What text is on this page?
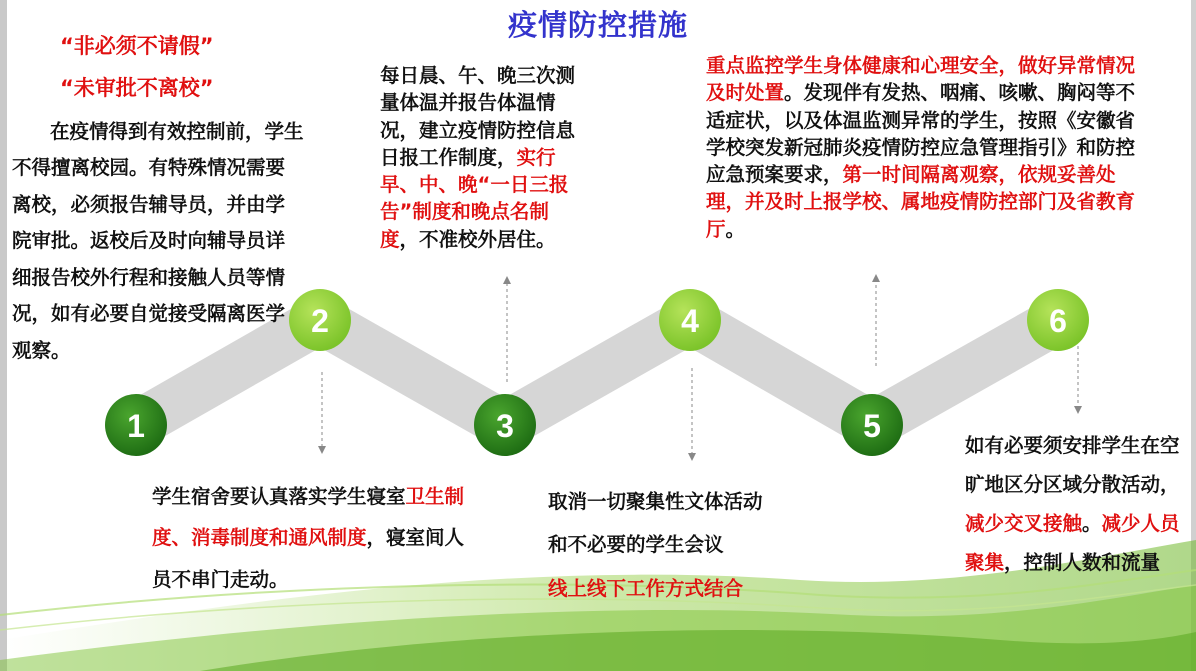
1
2
3
4
5
6
疫情防控措施
“非必须不请假”
“未审批不离校”
在疫情得到有效控制前，学生不得擅离校园。有特殊情况需要离校，必须报告辅导员，并由学院审批。返校后及时向辅导员详细报告校外行程和接触人员等情况，如有必要自觉接受隔离医学观察。
学生宿舍要认真落实学生寝室卫生制度、消毒制度和通风制度，寝室间人员不串门走动。
每日晨、午、晚三次测量体温并报告体温情况，建立疫情防控信息日报工作制度，实行早、中、晚“一日三报告”制度和晚点名制度，不准校外居住。
取消一切聚集性文体活动
和不必要的学生会议
线上线下工作方式结合
重点监控学生身体健康和心理安全，做好异常情况及时处置。发现伴有发热、咽痛、咳嗽、胸闷等不适症状，以及体温监测异常的学生，按照《安徽省学校突发新冠肺炎疫情防控应急管理指引》和防控应急预案要求，第一时间隔离观察，依规妥善处理，并及时上报学校、属地疫情防控部门及省教育厅。
如有必要须安排学生在空旷地区分区域分散活动，减少交叉接触。减少人员聚集，控制人数和流量
